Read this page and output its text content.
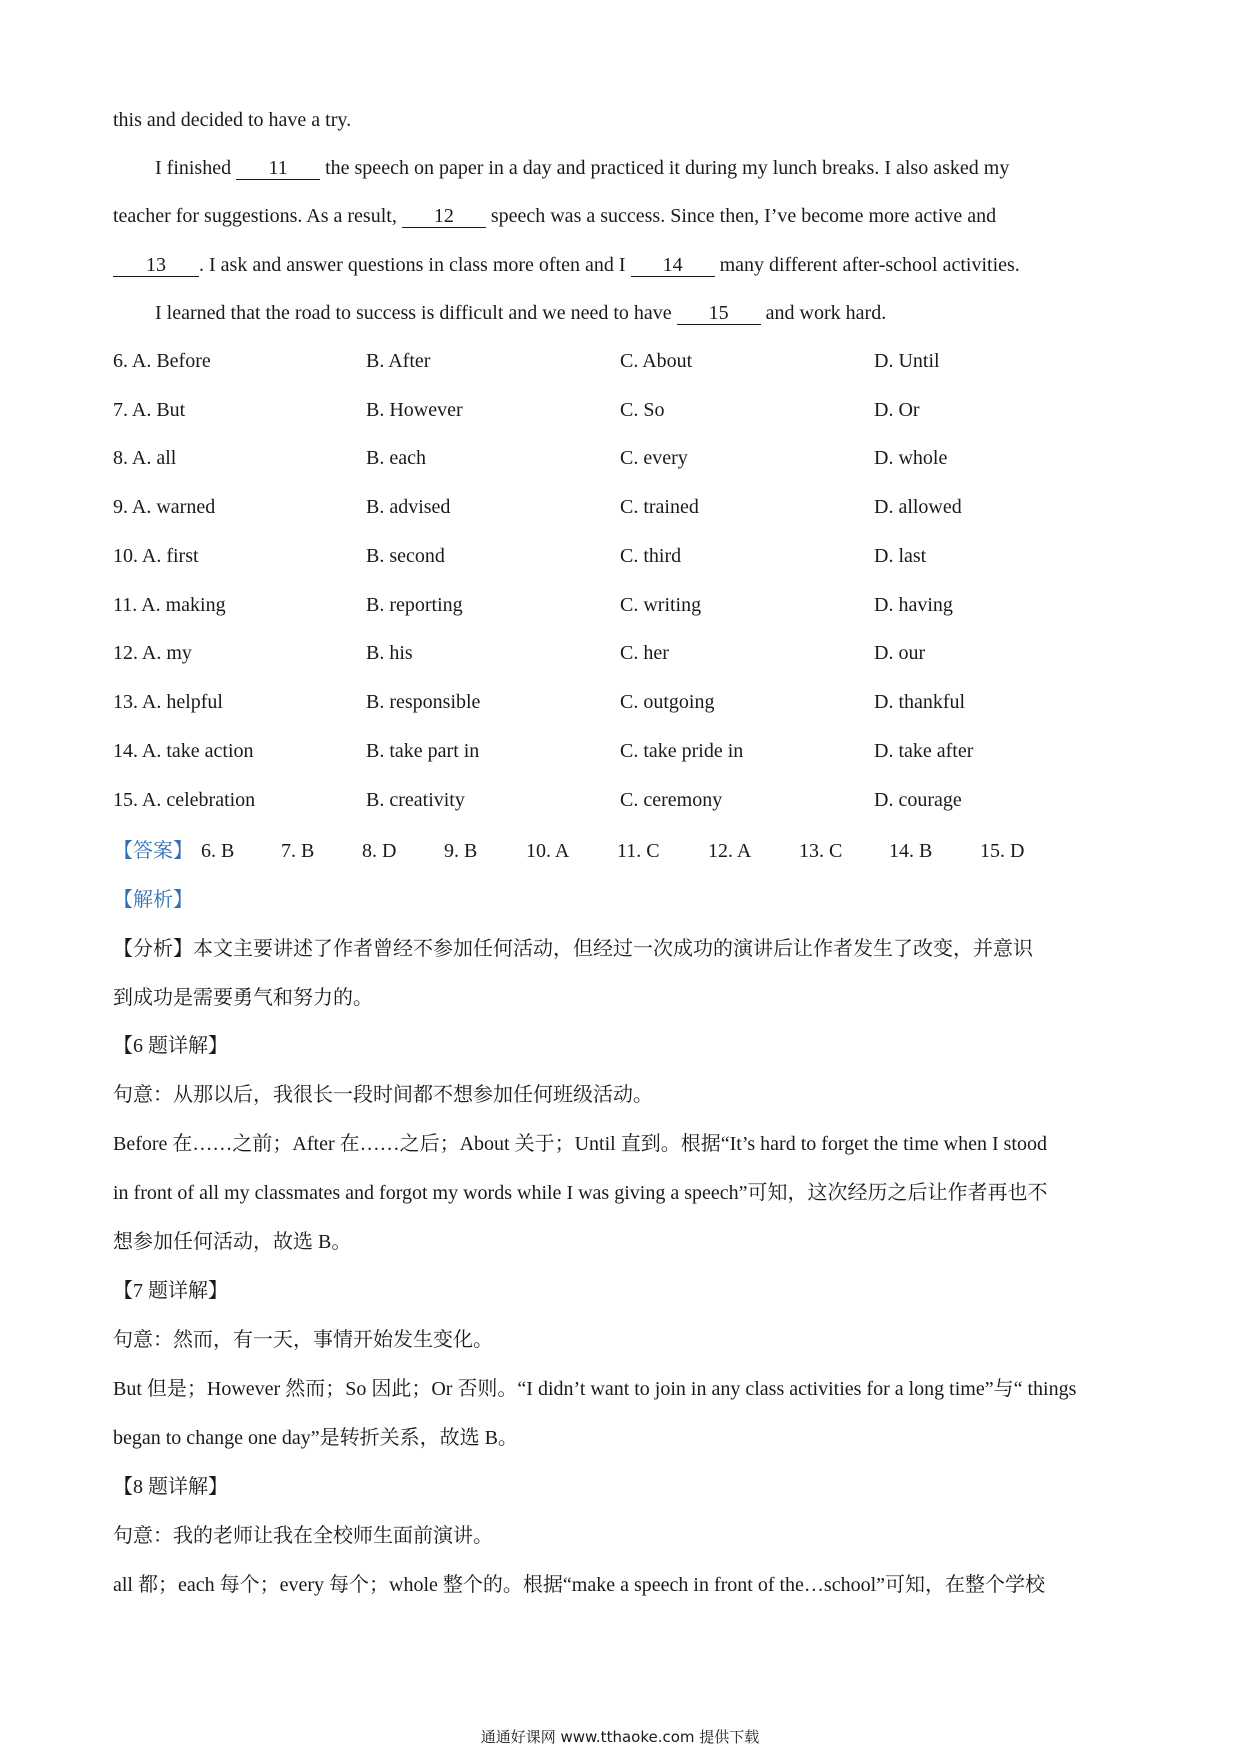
this and decided to have a try.
I finished 11 the speech on paper in a day and practiced it during my lunch breaks. I also asked my
teacher for suggestions. As a result, 12 speech was a success. Since then, I’ve become more active and
13 . I ask and answer questions in class more often and I 14 many different after-school activities.
I learned that the road to success is difficult and we need to have 15 and work hard.
6. A. Before	B. After	C. About	D. Until
7. A. But	B. However	C. So	D. Or
8. A. all	B. each	C. every	D. whole
9. A. warned	B. advised	C. trained	D. allowed
10. A. first	B. second	C. third	D. last
11. A. making	B. reporting	C. writing	D. having
12. A. my	B. his	C. her	D. our
13. A. helpful	B. responsible	C. outgoing	D. thankful
14. A. take action	B. take part in	C. take pride in	D. take after
15. A. celebration	B. creativity	C. ceremony	D. courage
【答案】 6. B 7. B 8. D 9. B 10. A 11. C 12. A 13. C 14. B 15. D
【解析】
【分析】本文主要讲述了作者曾经不参加任何活动，但经过一次成功的演讲后让作者发生了改变，并意识
到成功是需要勇气和努力的。
【6 题详解】
句意：从那以后，我很长一段时间都不想参加任何班级活动。
Before 在……之前；After 在……之后；About 关于；Until 直到。根据“It’s hard to forget the time when I stood
in front of all my classmates and forgot my words while I was giving a speech”可知，这次经历之后让作者再也不
想参加任何活动，故选 B。
【7 题详解】
句意：然而，有一天，事情开始发生变化。
But 但是；However 然而；So 因此；Or 否则。“I didn’t want to join in any class activities for a long time”与“ things
began to change one day”是转折关系，故选 B。
【8 题详解】
句意：我的老师让我在全校师生面前演讲。
all 都；each 每个；every 每个；whole 整个的。根据“make a speech in front of the…school”可知，在整个学校
通通好课网 www.tthaoke.com 提供下载
